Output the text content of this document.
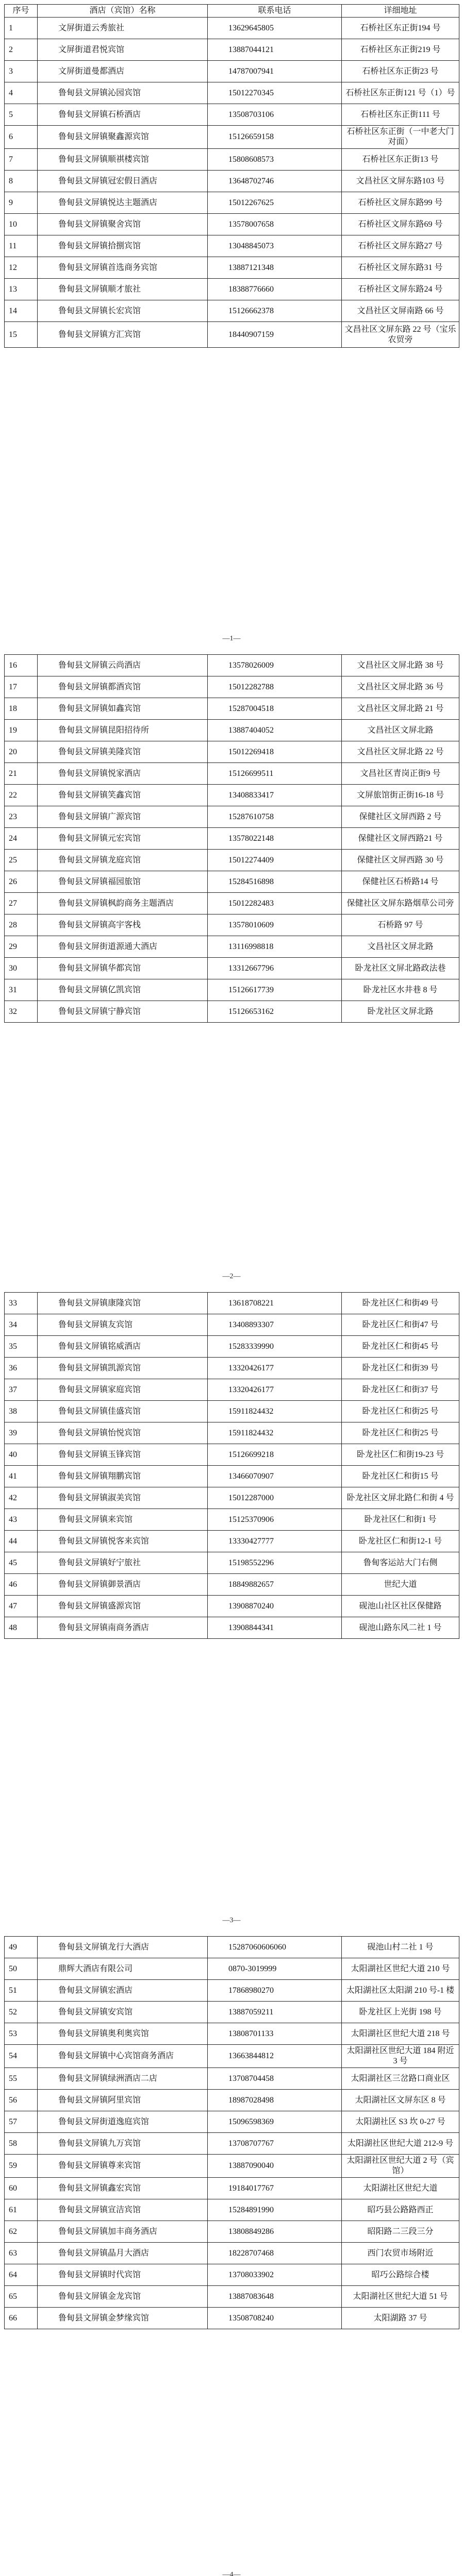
序号	酒店（宾馆）名称	联系电话	详细地址
1	文屏街道云秀旅社	13629645805	石桥社区东正街194 号
2	文屏街道君悦宾馆	13887044121	石桥社区东正街219 号
3	文屏街道曼都酒店	14787007941	石桥社区东正街23 号
4	鲁甸县文屏镇沁园宾馆	15012270345	石桥社区东正街121 号（1）号
5	鲁甸县文屏镇石桥酒店	13508703106	石桥社区东正街111 号
6	鲁甸县文屏镇聚鑫源宾馆	15126659158	石桥社区东正街（一中老大门对面）
7	鲁甸县文屏镇顺祺楼宾馆	15808608573	石桥社区东正街13 号
8	鲁甸县文屏镇冠宏假日酒店	13648702746	文昌社区文屏东路103 号
9	鲁甸县文屏镇悦达主题酒店	15012267625	石桥社区文屏东路99 号
10	鲁甸县文屏镇聚舍宾馆	13578007658	石桥社区文屏东路69 号
11	鲁甸县文屏镇拾捌宾馆	13048845073	石桥社区文屏东路27 号
12	鲁甸县文屏镇首选商务宾馆	13887121348	石桥社区文屏东路31 号
13	鲁甸县文屏镇顺才旅社	18388776660	石桥社区文屏东路24 号
14	鲁甸县文屏镇长宏宾馆	15126662378	文昌社区文屏南路 66 号
15	鲁甸县文屏镇方汇宾馆	18440907159	文昌社区文屏东路 22 号（宝乐农贸旁
—1—
16	鲁甸县文屏镇云尚酒店	13578026009	文昌社区文屏北路 38 号
17	鲁甸县文屏镇都酒宾馆	15012282788	文昌社区文屏北路 36 号
18	鲁甸县文屏镇如鑫宾馆	15287004518	文昌社区文屏北路 21 号
19	鲁甸县文屏镇昆阳招待所	13887404052	文昌社区文屏北路
20	鲁甸县文屏镇美隆宾馆	15012269418	文昌社区文屏北路 22 号
21	鲁甸县文屏镇悦家酒店	15126699511	文昌社区青岗正街9 号
22	鲁甸县文屏镇笑鑫宾馆	13408833417	文屏旅馆街正街16-18 号
23	鲁甸县文屏镇广源宾馆	15287610758	保健社区文屏西路 2 号
24	鲁甸县文屏镇元宏宾馆	13578022148	保健社区文屏西路21 号
25	鲁甸县文屏镇龙庭宾馆	15012274409	保健社区文屏西路 30 号
26	鲁甸县文屏镇福园旅馆	15284516898	保健社区石桥路14 号
27	鲁甸县文屏镇枫韵商务主题酒店	15012282483	保健社区文屏东路烟草公司旁
28	鲁甸县文屏镇高宇客栈	13578010609	石桥路 97 号
29	鲁甸县文屏街道源通大酒店	13116998818	文昌社区文屏北路
30	鲁甸县文屏镇华都宾馆	13312667796	卧龙社区文屏北路政法巷
31	鲁甸县文屏镇亿凯宾馆	15126617739	卧龙社区水井巷 8 号
32	鲁甸县文屏镇宁静宾馆	15126653162	卧龙社区文屏北路
—2—
33	鲁甸县文屏镇康隆宾馆	13618708221	卧龙社区仁和街49 号
34	鲁甸县文屏镇友宾馆	13408893307	卧龙社区仁和街47 号
35	鲁甸县文屏镇铭威酒店	15283339990	卧龙社区仁和街45 号
36	鲁甸县文屏镇凯源宾馆	13320426177	卧龙社区仁和街39 号
37	鲁甸县文屏镇家庭宾馆	13320426177	卧龙社区仁和街37 号
38	鲁甸县文屏镇佳盛宾馆	15911824432	卧龙社区仁和街25 号
39	鲁甸县文屏镇怡悦宾馆	15911824432	卧龙社区仁和街25 号
40	鲁甸县文屏镇玉锋宾馆	15126699218	卧龙社区仁和街19-23 号
41	鲁甸县文屏镇翔鹏宾馆	13466070907	卧龙社区仁和街15 号
42	鲁甸县文屏镇淑美宾馆	15012287000	卧龙社区文屏北路仁和街 4 号
43	鲁甸县文屏镇来宾馆	15125370906	卧龙社区仁和街1 号
44	鲁甸县文屏镇悦客来宾馆	13330427777	卧龙社区仁和街12-1 号
45	鲁甸县文屏镇好宁旅社	15198552296	鲁甸客运站大门右侧
46	鲁甸县文屏镇御景酒店	18849882657	世纪大道
47	鲁甸县文屏镇盛源宾馆	13908870240	砚池山社区社区保健路
48	鲁甸县文屏镇南商务酒店	13908844341	砚池山路东风二社 1 号
—3—
49	鲁甸县文屏镇龙行大酒店	15287060606060	砚池山村二社 1 号
50	鼎辉大酒店有限公司	0870-3019999	太阳湖社区世纪大道 210 号
51	鲁甸县文屏镇宏酒店	17868980270	太阳湖社区太阳湖 210 号-1 楼
52	鲁甸县文屏镇安宾馆	13887059211	卧龙社区上光街 198 号
53	鲁甸县文屏镇奥利奥宾馆	13808701133	太阳湖社区世纪大道 218 号
54	鲁甸县文屏镇中心宾馆商务酒店	13663844812	太阳湖社区世纪大道 184 附近 3 号
55	鲁甸县文屏镇绿洲酒店二店	13708704458	太阳湖社区三岔路口商业区
56	鲁甸县文屏镇阿里宾馆	18987028498	太阳湖社区文屏东区 8 号
57	鲁甸县文屏街道逸庭宾馆	15096598369	太阳湖社区 S3 坎 0-27 号
58	鲁甸县文屏镇九万宾馆	13708707767	太阳湖社区世纪大道 212-9 号
59	鲁甸县文屏镇尊来宾馆	13887090040	太阳湖社区世纪大道 2 号（宾馆）
60	鲁甸县文屏镇鑫宏宾馆	19184017767	太阳湖社区世纪大道
61	鲁甸县文屏镇宣洁宾馆	15284891990	昭巧县公路路西正
62	鲁甸县文屏镇加丰商务酒店	13808849286	昭阳路二三段三分
63	鲁甸县文屏镇晶月大酒店	18228707468	西门农贸市场附近
64	鲁甸县文屏镇时代宾馆	13708033902	昭巧公路综合楼
65	鲁甸县文屏镇金龙宾馆	13887083648	太阳湖社区世纪大道 51 号
66	鲁甸县文屏镇金梦缘宾馆	13508708240	太阳湖路 37 号
—4—
